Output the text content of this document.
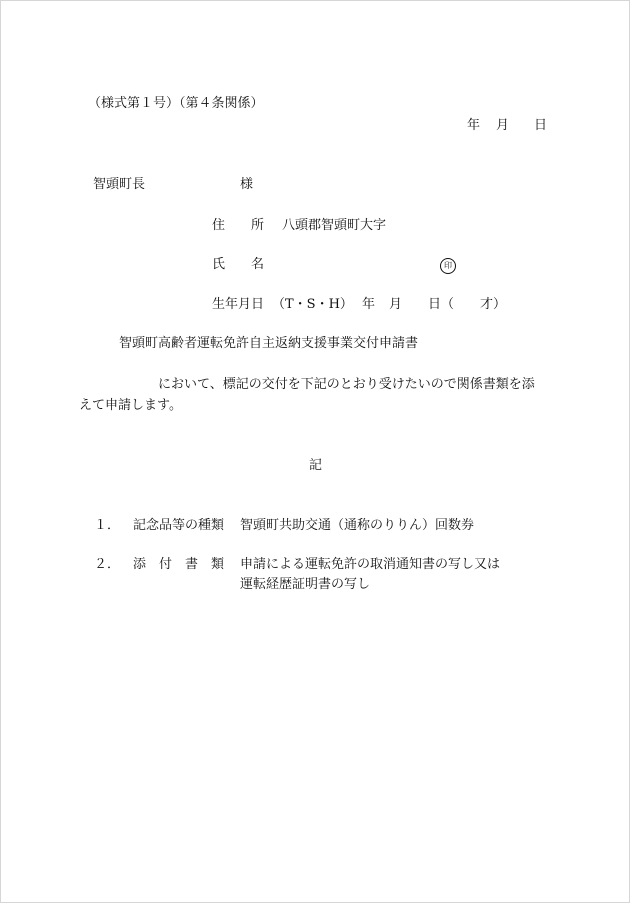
（様式第１号）（第４条関係）
年 月 日
智頭町長	様
住　　所 八頭郡智頭町大字
氏　　名	印
生年月日 （T・S・H） 年 月 日（ 才）
智頭町高齢者運転免許自主返納支援事業交付申請書
において、標記の交付を下記のとおり受けたいので関係書類を添
えて申請します。
記
１． 記念品等の種類 智頭町共助交通（通称のりりん）回数券
２． 添　付　書　類 申請による運転免許の取消通知書の写し又は
運転経歴証明書の写し
